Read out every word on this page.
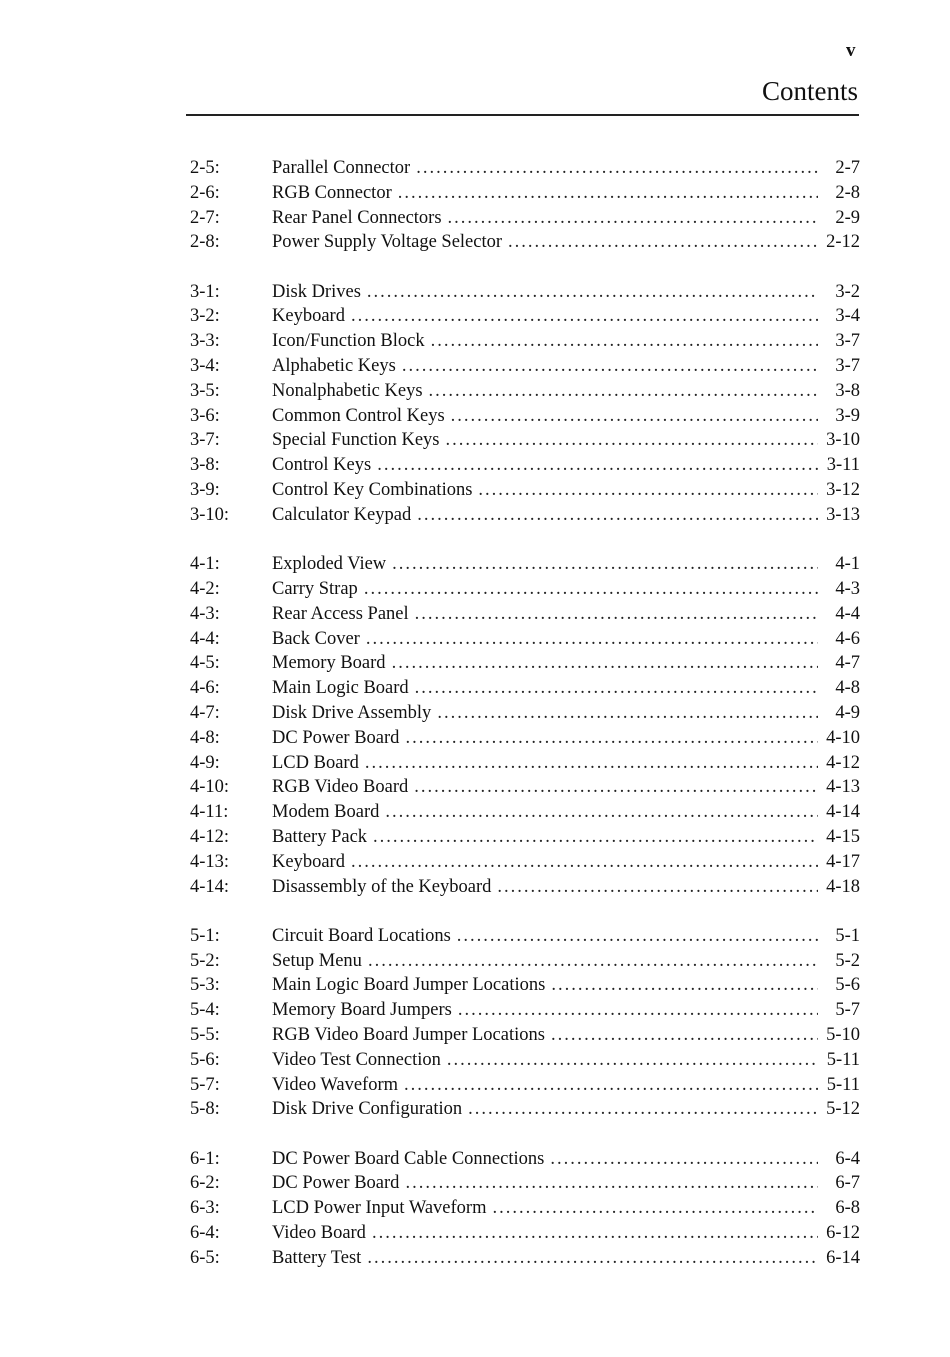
v
Contents
2-5:	Parallel Connector .....	2-7
2-6:	RGB Connector .....	2-8
2-7:	Rear Panel Connectors .....	2-9
2-8:	Power Supply Voltage Selector .....	2-12
3-1:	Disk Drives .....	3-2
3-2:	Keyboard .....	3-4
3-3:	Icon/Function Block .....	3-7
3-4:	Alphabetic Keys .....	3-7
3-5:	Nonalphabetic Keys .....	3-8
3-6:	Common Control Keys .....	3-9
3-7:	Special Function Keys .....	3-10
3-8:	Control Keys .....	3-11
3-9:	Control Key Combinations .....	3-12
3-10:	Calculator Keypad .....	3-13
4-1:	Exploded View .....	4-1
4-2:	Carry Strap .....	4-3
4-3:	Rear Access Panel .....	4-4
4-4:	Back Cover .....	4-6
4-5:	Memory Board .....	4-7
4-6:	Main Logic Board .....	4-8
4-7:	Disk Drive Assembly .....	4-9
4-8:	DC Power Board .....	4-10
4-9:	LCD Board .....	4-12
4-10:	RGB Video Board .....	4-13
4-11:	Modem Board .....	4-14
4-12:	Battery Pack .....	4-15
4-13:	Keyboard .....	4-17
4-14:	Disassembly of the Keyboard .....	4-18
5-1:	Circuit Board Locations .....	5-1
5-2:	Setup Menu .....	5-2
5-3:	Main Logic Board Jumper Locations .....	5-6
5-4:	Memory Board Jumpers .....	5-7
5-5:	RGB Video Board Jumper Locations .....	5-10
5-6:	Video Test Connection .....	5-11
5-7:	Video Waveform .....	5-11
5-8:	Disk Drive Configuration .....	5-12
6-1:	DC Power Board Cable Connections .....	6-4
6-2:	DC Power Board .....	6-7
6-3:	LCD Power Input Waveform .....	6-8
6-4:	Video Board .....	6-12
6-5:	Battery Test .....	6-14
